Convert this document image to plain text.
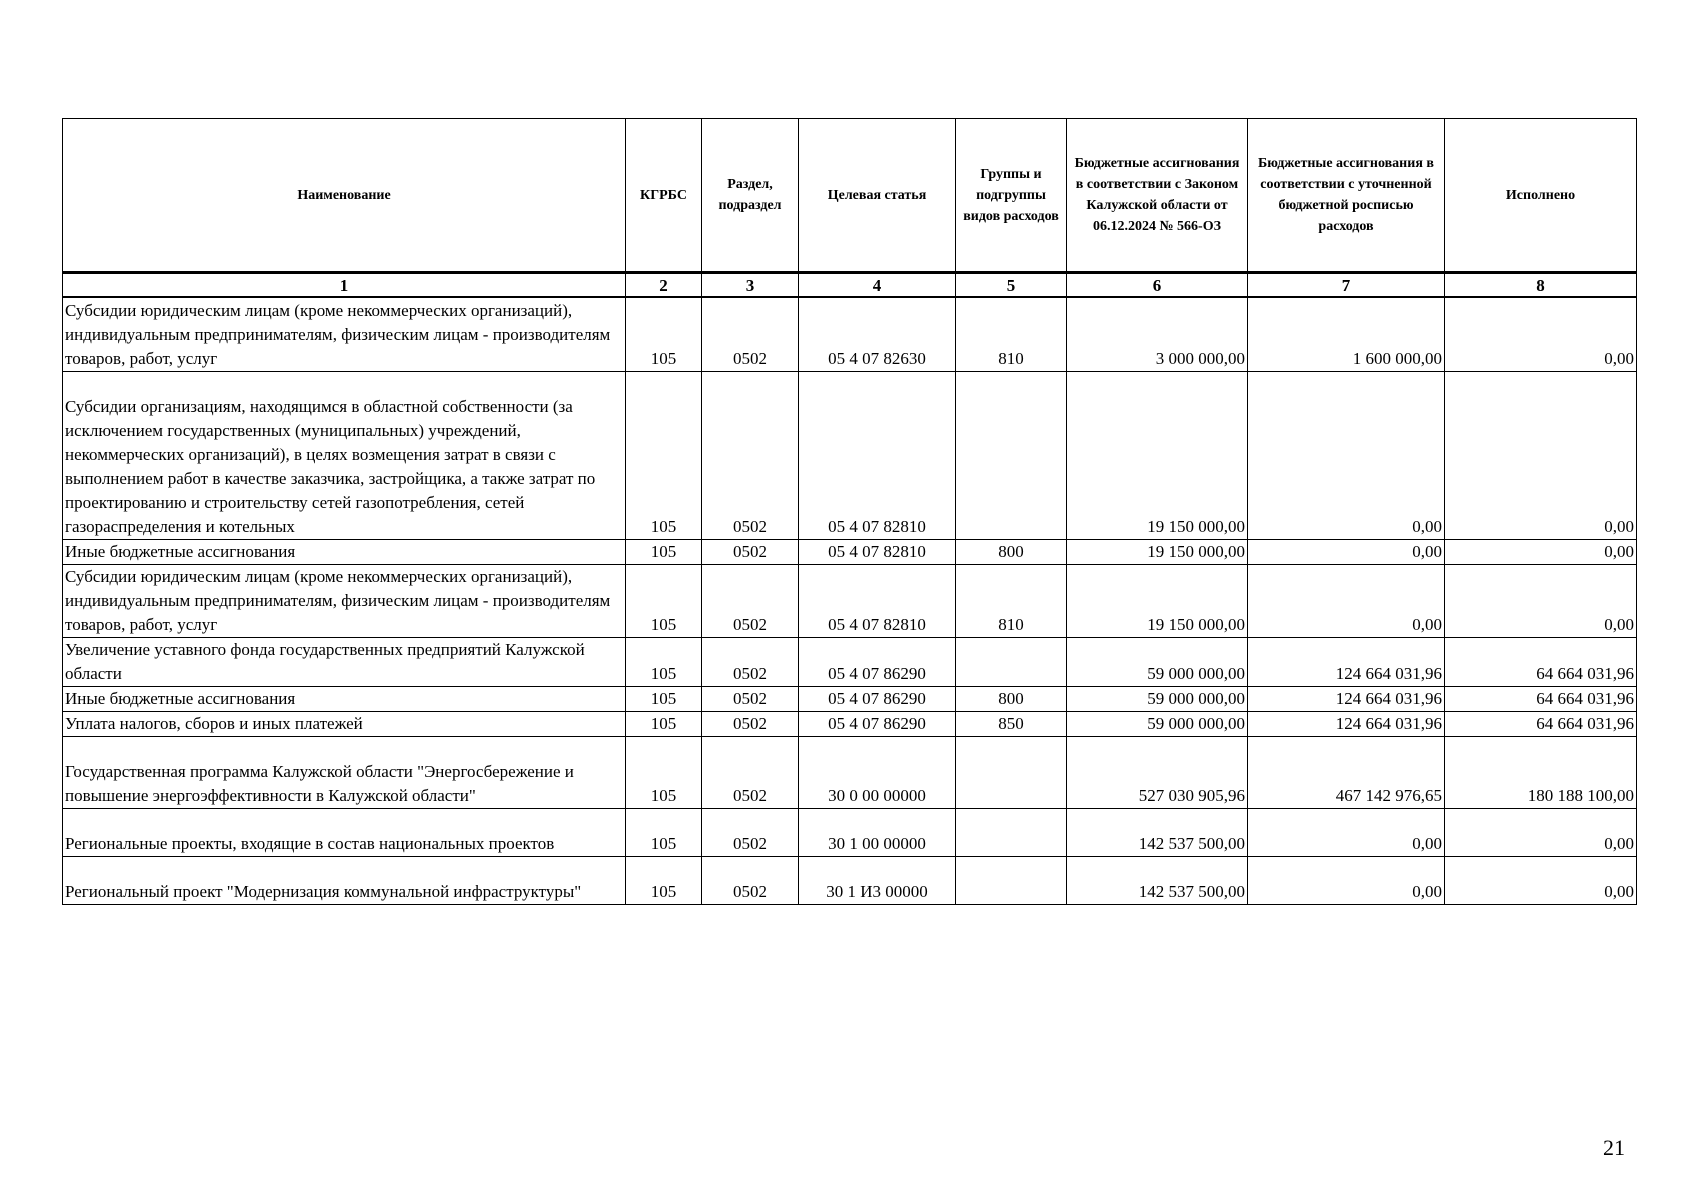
Наименование	КГРБС	Раздел, подраздел	Целевая статья	Группы и подгруппы видов расходов	Бюджетные ассигнования в соответствии с Законом Калужской области от 06.12.2024 № 566-ОЗ	Бюджетные ассигнования в соответствии с уточненной бюджетной росписью расходов	Исполнено
1	2	3	4	5	6	7	8
Субсидии юридическим лицам (кроме некоммерческих организаций), индивидуальным предпринимателям, физическим лицам - производителям товаров, работ, услуг	105	0502	05 4 07 82630	810	3 000 000,00	1 600 000,00	0,00
Субсидии организациям, находящимся в областной собственности (за исключением государственных (муниципальных) учреждений, некоммерческих организаций), в целях возмещения затрат в связи с выполнением работ в качестве заказчика, застройщика, а также затрат по проектированию и строительству сетей газопотребления, сетей газораспределения и котельных	105	0502	05 4 07 82810		19 150 000,00	0,00	0,00
Иные бюджетные ассигнования	105	0502	05 4 07 82810	800	19 150 000,00	0,00	0,00
Субсидии юридическим лицам (кроме некоммерческих организаций), индивидуальным предпринимателям, физическим лицам - производителям товаров, работ, услуг	105	0502	05 4 07 82810	810	19 150 000,00	0,00	0,00
Увеличение уставного фонда государственных предприятий Калужской области	105	0502	05 4 07 86290		59 000 000,00	124 664 031,96	64 664 031,96
Иные бюджетные ассигнования	105	0502	05 4 07 86290	800	59 000 000,00	124 664 031,96	64 664 031,96
Уплата налогов, сборов и иных платежей	105	0502	05 4 07 86290	850	59 000 000,00	124 664 031,96	64 664 031,96
Государственная программа Калужской области "Энергосбережение и повышение энергоэффективности в Калужской области"	105	0502	30 0 00 00000		527 030 905,96	467 142 976,65	180 188 100,00
Региональные проекты, входящие в состав национальных проектов	105	0502	30 1 00 00000		142 537 500,00	0,00	0,00
Региональный проект "Модернизация коммунальной инфраструктуры"	105	0502	30 1 И3 00000		142 537 500,00	0,00	0,00
21
